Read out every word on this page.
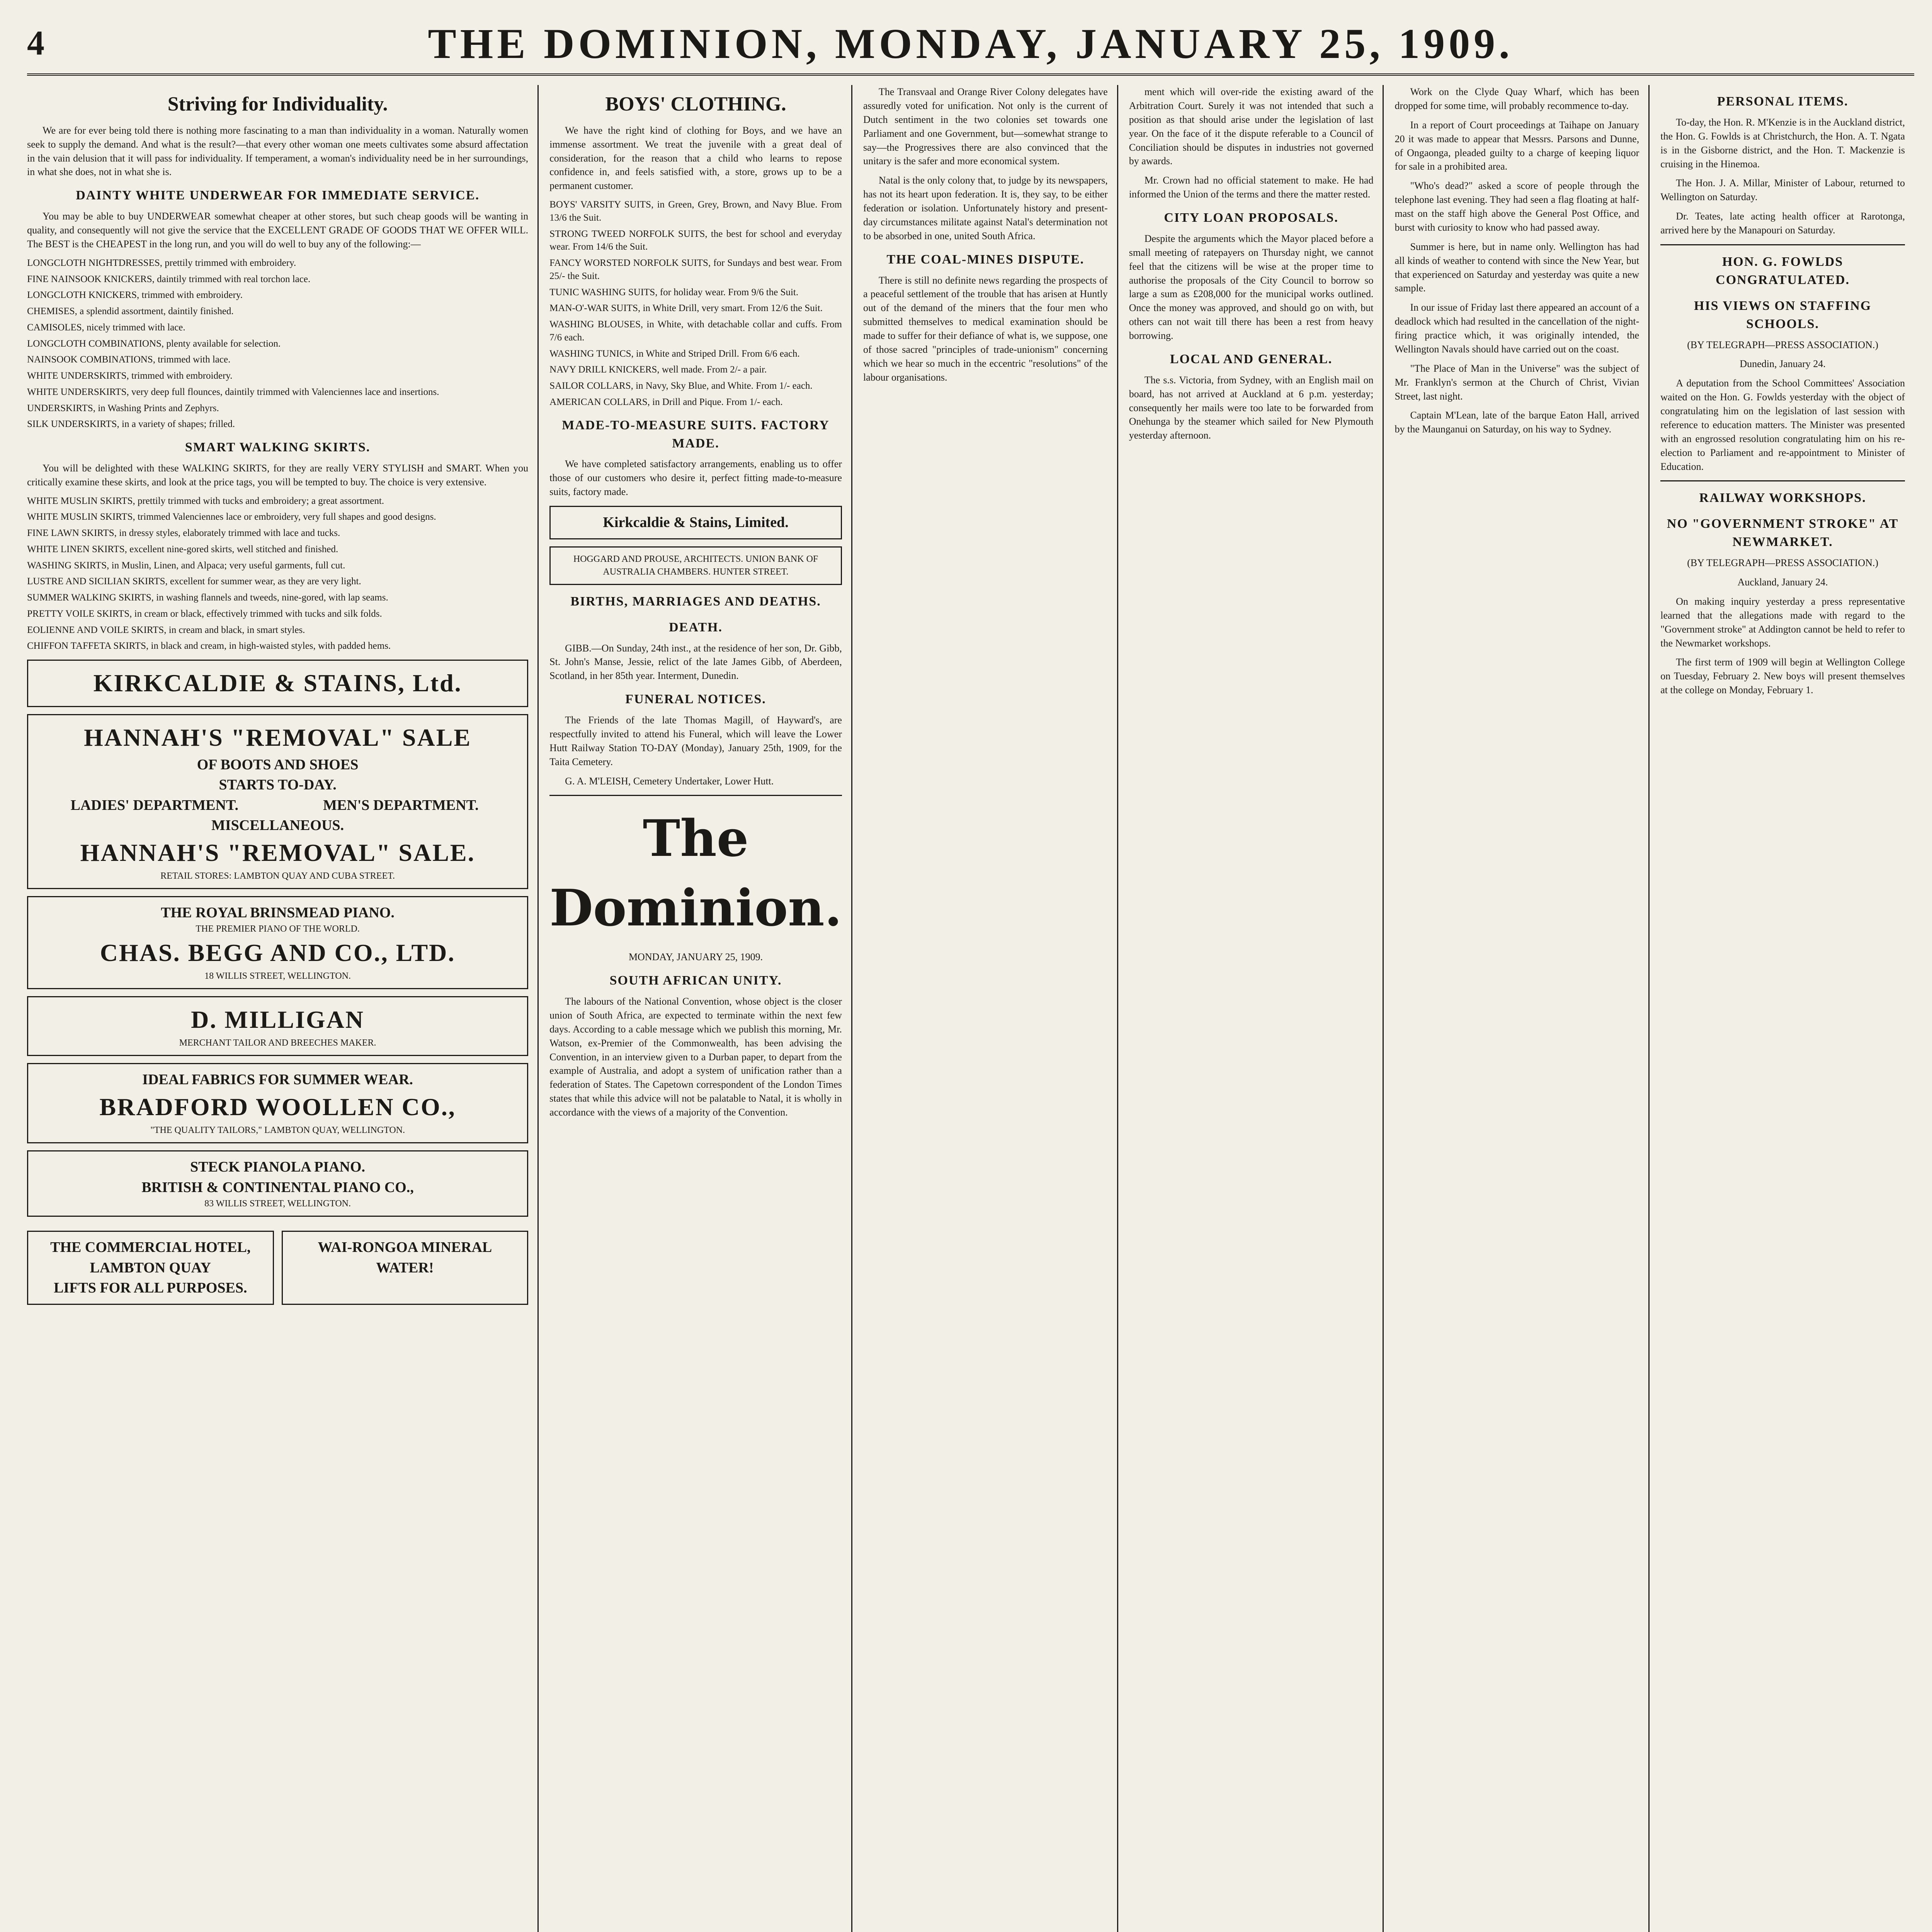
4	THE DOMINION, MONDAY, JANUARY 25, 1909.
Striving for Individuality.

We are for ever being told there is nothing more fascinating to a man than individuality in a woman. Naturally women seek to supply the demand. And what is the result?—that every other woman one meets cultivates some absurd affectation in the vain delusion that it will pass for individuality. If temperament, a woman's individuality need be in her surroundings, in what she does, not in what she is.

DAINTY WHITE UNDERWEAR FOR IMMEDIATE SERVICE.

You may be able to buy UNDERWEAR somewhat cheaper at other stores, but such cheap goods will be wanting in quality, and consequently will not give the service that the EXCELLENT GRADE OF GOODS THAT WE OFFER WILL. The BEST is the CHEAPEST in the long run, and you will do well to buy any of the following:—

LONGCLOTH NIGHTDRESSES, prettily trimmed with embroidery.
FINE NAINSOOK KNICKERS, daintily trimmed with real torchon lace.
LONGCLOTH KNICKERS, trimmed with embroidery.
CHEMISES, a splendid assortment, daintily finished.
CAMISOLES, nicely trimmed with lace.
LONGCLOTH COMBINATIONS, plenty available for selection.
NAINSOOK COMBINATIONS, trimmed with lace.
WHITE UNDERSKIRTS, trimmed with embroidery.
WHITE UNDERSKIRTS, very deep full flounces, daintily trimmed with Valenciennes lace and insertions.
UNDERSKIRTS, in Washing Prints and Zephyrs.
SILK UNDERSKIRTS, in a variety of shapes; frilled.
SMART WALKING SKIRTS.

You will be delighted with these WALKING SKIRTS, for they are really VERY STYLISH and SMART. When you critically examine these skirts, and look at the price tags, you will be tempted to buy. The choice is very extensive.

WHITE MUSLIN SKIRTS, prettily trimmed with tucks and embroidery; a great assortment.
WHITE MUSLIN SKIRTS, trimmed Valenciennes lace or embroidery, very full shapes and good designs.
FINE LAWN SKIRTS, in dressy styles, elaborately trimmed with lace and tucks.
WHITE LINEN SKIRTS, excellent nine-gored skirts, well stitched and finished.
WASHING SKIRTS, in Muslin, Linen, and Alpaca; very useful garments, full cut.
LUSTRE AND SICILIAN SKIRTS, excellent for summer wear, as they are very light.
SUMMER WALKING SKIRTS, in washing flannels and tweeds, nine-gored, with lap seams.
PRETTY VOILE SKIRTS, in cream or black, effectively trimmed with tucks and silk folds.
EOLIENNE AND VOILE SKIRTS, in cream and black, in smart styles.
CHIFFON TAFFETA SKIRTS, in black and cream, in high-waisted styles, with padded hems.
KIRKCALDIE & STAINS, Ltd.
HANNAH'S "REMOVAL" SALE
OF BOOTS AND SHOES
STARTS TO-DAY.
LADIES' DEPARTMENT.	MEN'S DEPARTMENT.
MISCELLANEOUS.
HANNAH'S "REMOVAL" SALE.
RETAIL STORES: LAMBTON QUAY AND CUBA STREET.
THE ROYAL BRINSMEAD PIANO.
THE PREMIER PIANO OF THE WORLD.
CHAS. BEGG AND CO., LTD.
18 WILLIS STREET, WELLINGTON.
D. MILLIGAN
MERCHANT TAILOR AND BREECHES MAKER.
IDEAL FABRICS FOR SUMMER WEAR.
BRADFORD WOOLLEN CO.,
"THE QUALITY TAILORS," LAMBTON QUAY, WELLINGTON.
STECK PIANOLA PIANO.
BRITISH & CONTINENTAL PIANO CO.,
83 WILLIS STREET, WELLINGTON.
THE COMMERCIAL HOTEL, LAMBTON QUAY
LIFTS FOR ALL PURPOSES.
WAI-RONGOA MINERAL WATER!
BOYS' CLOTHING.

We have the right kind of clothing for Boys, and we have an immense assortment. We treat the juvenile with a great deal of consideration, for the reason that a child who learns to repose confidence in, and feels satisfied with, a store, grows up to be a permanent customer.

BOYS' VARSITY SUITS, in Green, Grey, Brown, and Navy Blue. From 13/6 the Suit.
STRONG TWEED NORFOLK SUITS, the best for school and everyday wear. From 14/6 the Suit.
FANCY WORSTED NORFOLK SUITS, for Sundays and best wear. From 25/- the Suit.
TUNIC WASHING SUITS, for holiday wear. From 9/6 the Suit.
MAN-O'-WAR SUITS, in White Drill, very smart. From 12/6 the Suit.
WASHING BLOUSES, in White, with detachable collar and cuffs. From 7/6 each.
WASHING TUNICS, in White and Striped Drill. From 6/6 each.
NAVY DRILL KNICKERS, well made. From 2/- a pair.
SAILOR COLLARS, in Navy, Sky Blue, and White. From 1/- each.
AMERICAN COLLARS, in Drill and Pique. From 1/- each.
MADE-TO-MEASURE SUITS. FACTORY MADE.

We have completed satisfactory arrangements, enabling us to offer those of our customers who desire it, perfect fitting made-to-measure suits, factory made.

Kirkcaldie & Stains, Limited.
HOGGARD AND PROUSE, ARCHITECTS. UNION BANK OF AUSTRALIA CHAMBERS. HUNTER STREET.
BIRTHS, MARRIAGES AND DEATHS.
DEATH.

GIBB.—On Sunday, 24th inst., at the residence of her son, Dr. Gibb, St. John's Manse, Jessie, relict of the late James Gibb, of Aberdeen, Scotland, in her 85th year. Interment, Dunedin.

FUNERAL NOTICES.

The Friends of the late Thomas Magill, of Hayward's, are respectfully invited to attend his Funeral, which will leave the Lower Hutt Railway Station TO-DAY (Monday), January 25th, 1909, for the Taita Cemetery.

G. A. M'LEISH, Cemetery Undertaker, Lower Hutt.

The Dominion.
MONDAY, JANUARY 25, 1909.
SOUTH AFRICAN UNITY.

The labours of the National Convention, whose object is the closer union of South Africa, are expected to terminate within the next few days. According to a cable message which we publish this morning, Mr. Watson, ex-Premier of the Commonwealth, has been advising the Convention, in an interview given to a Durban paper, to depart from the example of Australia, and adopt a system of unification rather than a federation of States. The Capetown correspondent of the London Times states that while this advice will not be palatable to Natal, it is wholly in accordance with the views of a majority of the Convention.

The Transvaal and Orange River Colony delegates have assuredly voted for unification. Not only is the current of Dutch sentiment in the two colonies set towards one Parliament and one Government, but—somewhat strange to say—the Progressives there are also convinced that the unitary is the safer and more economical system.

Natal is the only colony that, to judge by its newspapers, has not its heart upon federation. It is, they say, to be either federation or isolation. Unfortunately history and present-day circumstances militate against Natal's determination not to be absorbed in one, united South Africa.

THE COAL-MINES DISPUTE.

There is still no definite news regarding the prospects of a peaceful settlement of the trouble that has arisen at Huntly out of the demand of the miners that the four men who submitted themselves to medical examination should be made to suffer for their defiance of what is, we suppose, one of those sacred "principles of trade-unionism" concerning which we hear so much in the eccentric "resolutions" of the labour organisations.

ment which will over-ride the existing award of the Arbitration Court. Surely it was not intended that such a position as that should arise under the legislation of last year. On the face of it the dispute referable to a Council of Conciliation should be disputes in industries not governed by awards.

Mr. Crown had no official statement to make. He had informed the Union of the terms and there the matter rested.

CITY LOAN PROPOSALS.

Despite the arguments which the Mayor placed before a small meeting of ratepayers on Thursday night, we cannot feel that the citizens will be wise at the proper time to authorise the proposals of the City Council to borrow so large a sum as £208,000 for the municipal works outlined. Once the money was approved, and should go on with, but others can not wait till there has been a rest from heavy borrowing.

LOCAL AND GENERAL.

The s.s. Victoria, from Sydney, with an English mail on board, has not arrived at Auckland at 6 p.m. yesterday; consequently her mails were too late to be forwarded from Onehunga by the steamer which sailed for New Plymouth yesterday afternoon.

Work on the Clyde Quay Wharf, which has been dropped for some time, will probably recommence to-day.

In a report of Court proceedings at Taihape on January 20 it was made to appear that Messrs. Parsons and Dunne, of Ongaonga, pleaded guilty to a charge of keeping liquor for sale in a prohibited area.

"Who's dead?" asked a score of people through the telephone last evening. They had seen a flag floating at half-mast on the staff high above the General Post Office, and burst with curiosity to know who had passed away.

Summer is here, but in name only. Wellington has had all kinds of weather to contend with since the New Year, but that experienced on Saturday and yesterday was quite a new sample.

In our issue of Friday last there appeared an account of a deadlock which had resulted in the cancellation of the night-firing practice which, it was originally intended, the Wellington Navals should have carried out on the coast.

"The Place of Man in the Universe" was the subject of Mr. Franklyn's sermon at the Church of Christ, Vivian Street, last night.

Captain M'Lean, late of the barque Eaton Hall, arrived by the Maunganui on Saturday, on his way to Sydney.

PERSONAL ITEMS.

To-day, the Hon. R. M'Kenzie is in the Auckland district, the Hon. G. Fowlds is at Christchurch, the Hon. A. T. Ngata is in the Gisborne district, and the Hon. T. Mackenzie is cruising in the Hinemoa.

The Hon. J. A. Millar, Minister of Labour, returned to Wellington on Saturday.

Dr. Teates, late acting health officer at Rarotonga, arrived here by the Manapouri on Saturday.

HON. G. FOWLDS CONGRATULATED.
HIS VIEWS ON STAFFING SCHOOLS.
(BY TELEGRAPH—PRESS ASSOCIATION.)
Dunedin, January 24.

A deputation from the School Committees' Association waited on the Hon. G. Fowlds yesterday with the object of congratulating him on the legislation of last session with reference to education matters. The Minister was presented with an engrossed resolution congratulating him on his re-election to Parliament and re-appointment to Minister of Education.

RAILWAY WORKSHOPS.
NO "GOVERNMENT STROKE" AT NEWMARKET.
(BY TELEGRAPH—PRESS ASSOCIATION.)
Auckland, January 24.

On making inquiry yesterday a press representative learned that the allegations made with regard to the "Government stroke" at Addington cannot be held to refer to the Newmarket workshops.

The first term of 1909 will begin at Wellington College on Tuesday, February 2. New boys will present themselves at the college on Monday, February 1.
